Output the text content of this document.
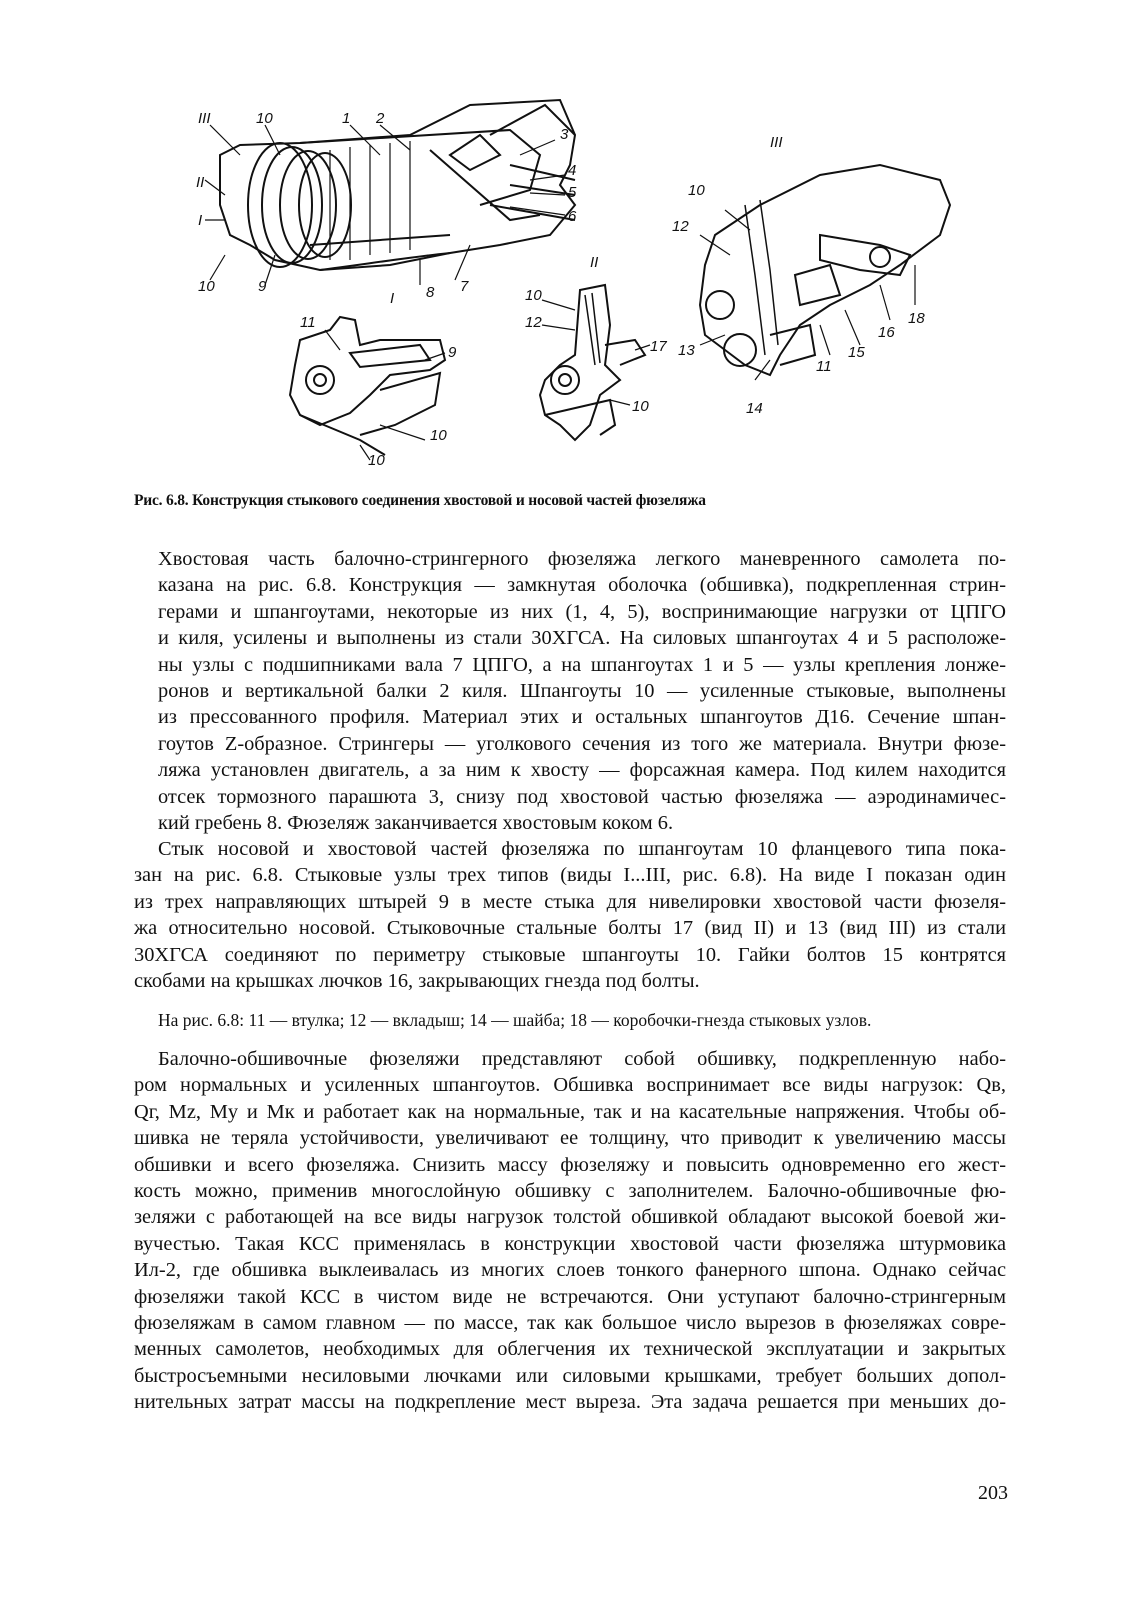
III	10	1 2
3
4
5
6
7
8
I
9
10
II
I
11
9
10
10
II
10
12
17
10
III
10
12
13
14
11
15
16
18
Рис. 6.8. Конструкция стыкового соединения хвостовой и носовой частей фюзеляжа

Хвостовая часть балочно-стрингерного фюзеляжа легкого маневренного самолета по-
казана на рис. 6.8. Конструкция — замкнутая оболочка (обшивка), подкрепленная стрин-
герами и шпангоутами, некоторые из них (1, 4, 5), воспринимающие нагрузки от ЦПГО
и киля, усилены и выполнены из стали 30ХГСА. На силовых шпангоутах 4 и 5 расположе-
ны узлы с подшипниками вала 7 ЦПГО, а на шпангоутах 1 и 5 — узлы крепления лонже-
ронов и вертикальной балки 2 киля. Шпангоуты 10 — усиленные стыковые, выполнены
из прессованного профиля. Материал этих и остальных шпангоутов Д16. Сечение шпан-
гоутов Z-образное. Стрингеры — уголкового сечения из того же материала. Внутри фюзе-
ляжа установлен двигатель, а за ним к хвосту — форсажная камера. Под килем находится
отсек тормозного парашюта 3, снизу под хвостовой частью фюзеляжа — аэродинамичес-
кий гребень 8. Фюзеляж заканчивается хвостовым коком 6.

Стык носовой и хвостовой частей фюзеляжа по шпангоутам 10 фланцевого типа пока-
зан на рис. 6.8. Стыковые узлы трех типов (виды I...III, рис. 6.8). На виде I показан один
из трех направляющих штырей 9 в месте стыка для нивелировки хвостовой части фюзеля-
жа относительно носовой. Стыковочные стальные болты 17 (вид II) и 13 (вид III) из стали
30ХГСА соединяют по периметру стыковые шпангоуты 10. Гайки болтов 15 контрятся
скобами на крышках лючков 16, закрывающих гнезда под болты.

На рис. 6.8: 11 — втулка; 12 — вкладыш; 14 — шайба; 18 — коробочки-гнезда стыковых узлов.

Балочно-обшивочные фюзеляжи представляют собой обшивку, подкрепленную набо-
ром нормальных и усиленных шпангоутов. Обшивка воспринимает все виды нагрузок: Qв,
Qг, Mz, My и Mк и работает как на нормальные, так и на касательные напряжения. Чтобы об-
шивка не теряла устойчивости, увеличивают ее толщину, что приводит к увеличению массы
обшивки и всего фюзеляжа. Снизить массу фюзеляжу и повысить одновременно его жест-
кость можно, применив многослойную обшивку с заполнителем. Балочно-обшивочные фю-
зеляжи с работающей на все виды нагрузок толстой обшивкой обладают высокой боевой жи-
вучестью. Такая КСС применялась в конструкции хвостовой части фюзеляжа штурмовика
Ил-2, где обшивка выклеивалась из многих слоев тонкого фанерного шпона. Однако сейчас
фюзеляжи такой КСС в чистом виде не встречаются. Они уступают балочно-стрингерным
фюзеляжам в самом главном — по массе, так как большое число вырезов в фюзеляжах совре-
менных самолетов, необходимых для облегчения их технической эксплуатации и закрытых
быстросъемными несиловыми лючками или силовыми крышками, требует больших допол-
нительных затрат массы на подкрепление мест выреза. Эта задача решается при меньших до-

203
